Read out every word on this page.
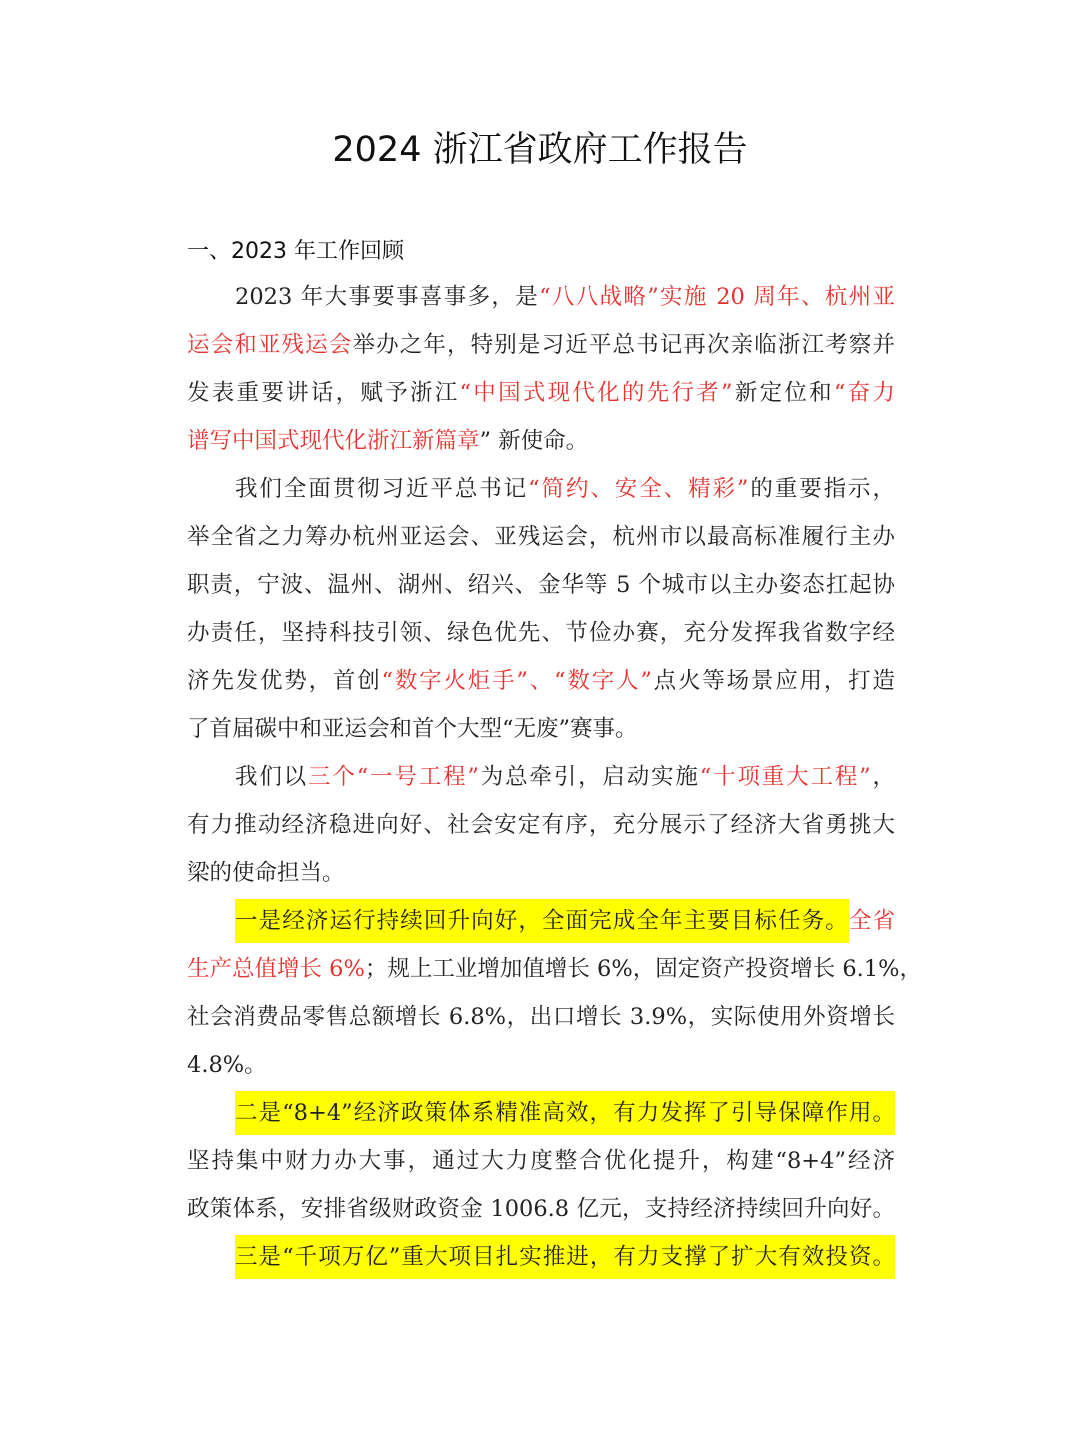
2024 浙江省政府工作报告
一、2023 年工作回顾
2023 年大事要事喜事多，是“八八战略”实施 20 周年、杭州亚
运会和亚残运会举办之年，特别是习近平总书记再次亲临浙江考察并
发表重要讲话，赋予浙江“中国式现代化的先行者”新定位和“奋力
谱写中国式现代化浙江新篇章” 新使命。
我们全面贯彻习近平总书记“简约、安全、精彩”的重要指示，
举全省之力筹办杭州亚运会、亚残运会，杭州市以最高标准履行主办
职责，宁波、温州、湖州、绍兴、金华等 5 个城市以主办姿态扛起协
办责任，坚持科技引领、绿色优先、节俭办赛，充分发挥我省数字经
济先发优势，首创“数字火炬手”、“数字人”点火等场景应用，打造
了首届碳中和亚运会和首个大型“无废”赛事。
我们以三个“一号工程”为总牵引，启动实施“十项重大工程”，
有力推动经济稳进向好、社会安定有序，充分展示了经济大省勇挑大
梁的使命担当。
一是经济运行持续回升向好，全面完成全年主要目标任务。全省
生产总值增长 6%；规上工业增加值增长 6%，固定资产投资增长 6.1%，
社会消费品零售总额增长 6.8%，出口增长 3.9%，实际使用外资增长
4.8%。
二是“8+4”经济政策体系精准高效，有力发挥了引导保障作用。
坚持集中财力办大事，通过大力度整合优化提升，构建“8+4”经济
政策体系，安排省级财政资金 1006.8 亿元，支持经济持续回升向好。
三是“千项万亿”重大项目扎实推进，有力支撑了扩大有效投资。
